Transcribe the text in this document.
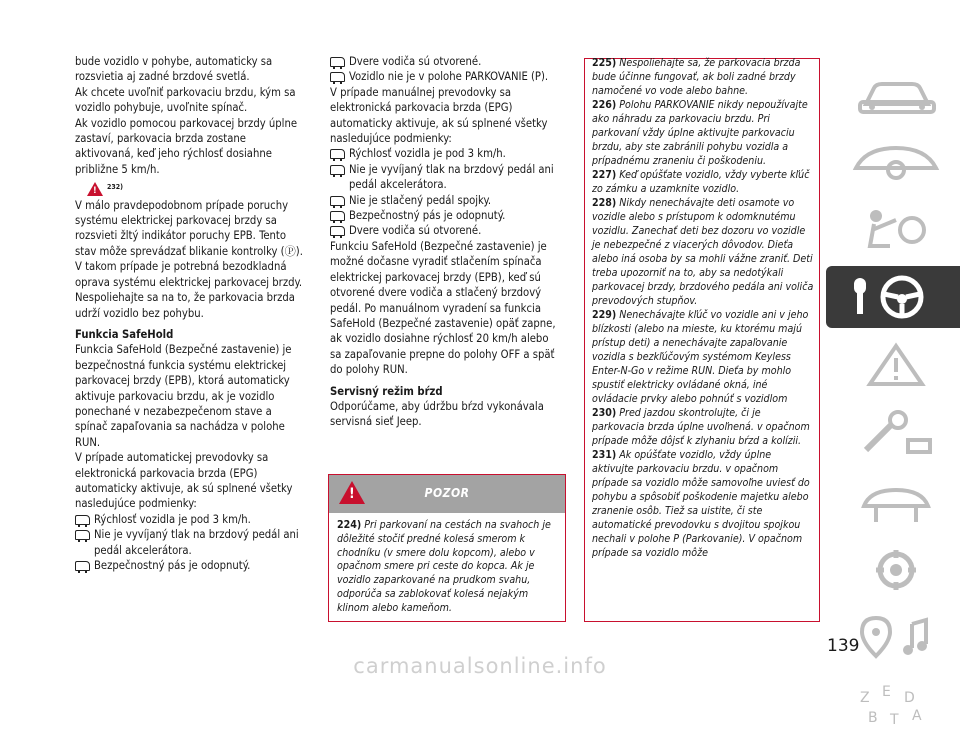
bude vozidlo v pohybe, automaticky sa rozsvietia aj zadné brzdové svetlá.

Ak chcete uvoľniť parkovaciu brzdu, kým sa vozidlo pohybuje, uvoľnite spínač.

Ak vozidlo pomocou parkovacej brzdy úplne zastaví, parkovacia brzda zostane aktivovaná, keď jeho rýchlosť dosiahne približne 5 km/h.

!
232)

V málo pravdepodobnom prípade poruchy systému elektrickej parkovacej brzdy sa rozsvieti žltý indikátor poruchy EPB. Tento stav môže sprevádzať blikanie kontrolky (Ⓟ). V takom prípade je potrebná bezodkladná oprava systému elektrickej parkovacej brzdy. Nespoliehajte sa na to, že parkovacia brzda udrží vozidlo bez pohybu.

Funkcia SafeHold

Funkcia SafeHold (Bezpečné zastavenie) je bezpečnostná funkcia systému elektrickej parkovacej brzdy (EPB), ktorá automaticky aktivuje parkovaciu brzdu, ak je vozidlo ponechané v nezabezpečenom stave a spínač zapaľovania sa nachádza v polohe RUN.

V prípade automatickej prevodovky sa elektronická parkovacia brzda (EPG) automaticky aktivuje, ak sú splnené všetky nasledujúce podmienky:

Rýchlosť vozidla je pod 3 km/h.

Nie je vyvíjaný tlak na brzdový pedál ani pedál akcelerátora.

Bezpečnostný pás je odopnutý.

Dvere vodiča sú otvorené.

Vozidlo nie je v polohe PARKOVANIE (P).

V prípade manuálnej prevodovky sa elektronická parkovacia brzda (EPG) automaticky aktivuje, ak sú splnené všetky nasledujúce podmienky:

Rýchlosť vozidla je pod 3 km/h.

Nie je vyvíjaný tlak na brzdový pedál ani pedál akcelerátora.

Nie je stlačený pedál spojky.

Bezpečnostný pás je odopnutý.

Dvere vodiča sú otvorené.

Funkciu SafeHold (Bezpečné zastavenie) je možné dočasne vyradiť stlačením spínača elektrickej parkovacej brzdy (EPB), keď sú otvorené dvere vodiča a stlačený brzdový pedál. Po manuálnom vyradení sa funkcia SafeHold (Bezpečné zastavenie) opäť zapne, ak vozidlo dosiahne rýchlosť 20 km/h alebo sa zapaľovanie prepne do polohy OFF a späť do polohy RUN.

Servisný režim bŕzd

Odporúčame, aby údržbu bŕzd vykonávala servisná sieť Jeep.

!	POZOR
224) Pri parkovaní na cestách na svahoch je dôležité stočiť predné kolesá smerom k chodníku (v smere dolu kopcom), alebo v opačnom smere pri ceste do kopca. Ak je vozidlo zaparkované na prudkom svahu, odporúča sa zablokovať kolesá nejakým klinom alebo kameňom.

225) Nespoliehajte sa, že parkovacia brzda bude účinne fungovať, ak boli zadné brzdy namočené vo vode alebo bahne.

226) Polohu PARKOVANIE nikdy nepoužívajte ako náhradu za parkovaciu brzdu. Pri parkovaní vždy úplne aktivujte parkovaciu brzdu, aby ste zabránili pohybu vozidla a prípadnému zraneniu či poškodeniu.

227) Keď opúšťate vozidlo, vždy vyberte kľúč zo zámku a uzamknite vozidlo.

228) Nikdy nenechávajte deti osamote vo vozidle alebo s prístupom k odomknutému vozidlu. Zanechať deti bez dozoru vo vozidle je nebezpečné z viacerých dôvodov. Dieťa alebo iná osoba by sa mohli vážne zraniť. Deti treba upozorniť na to, aby sa nedotýkali parkovacej brzdy, brzdového pedála ani voliča prevodových stupňov.

229) Nenechávajte kľúč vo vozidle ani v jeho blízkosti (alebo na mieste, ku ktorému majú prístup deti) a nenechávajte zapaľovanie vozidla s bezkľúčovým systémom Keyless Enter-N-Go v režime RUN. Dieťa by mohlo spustiť elektricky ovládané okná, iné ovládacie prvky alebo pohnúť s vozidlom

230) Pred jazdou skontrolujte, či je parkovacia brzda úplne uvoľnená. v opačnom prípade môže dôjsť k zlyhaniu bŕzd a kolízii.

231) Ak opúšťate vozidlo, vždy úplne aktivujte parkovaciu brzdu. v opačnom prípade sa vozidlo môže samovoľne uviesť do pohybu a spôsobiť poškodenie majetku alebo zranenie osôb. Tiež sa uistite, či ste automatické prevodovku s dvojitou spojkou nechali v polohe P (Parkovanie). V opačnom prípade sa vozidlo môže

Z E D
B T A
139
carmanualsonline.info
